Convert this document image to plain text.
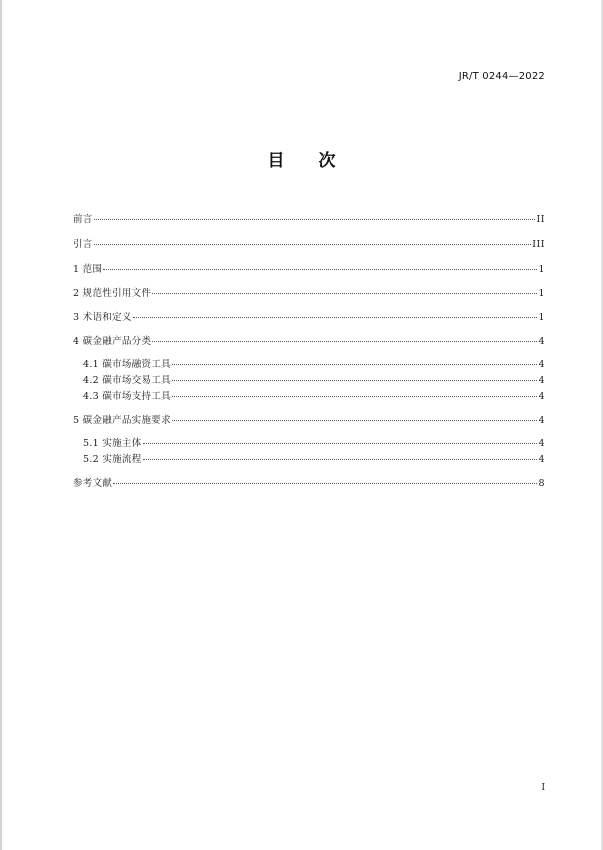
JR/T 0244—2022
目 次
前言	II
引言	III
1 范围	1
2 规范性引用文件	1
3 术语和定义	1
4 碳金融产品分类	4
4.1 碳市场融资工具	4
4.2 碳市场交易工具	4
4.3 碳市场支持工具	4
5 碳金融产品实施要求	4
5.1 实施主体	4
5.2 实施流程	4
参考文献	8
I
